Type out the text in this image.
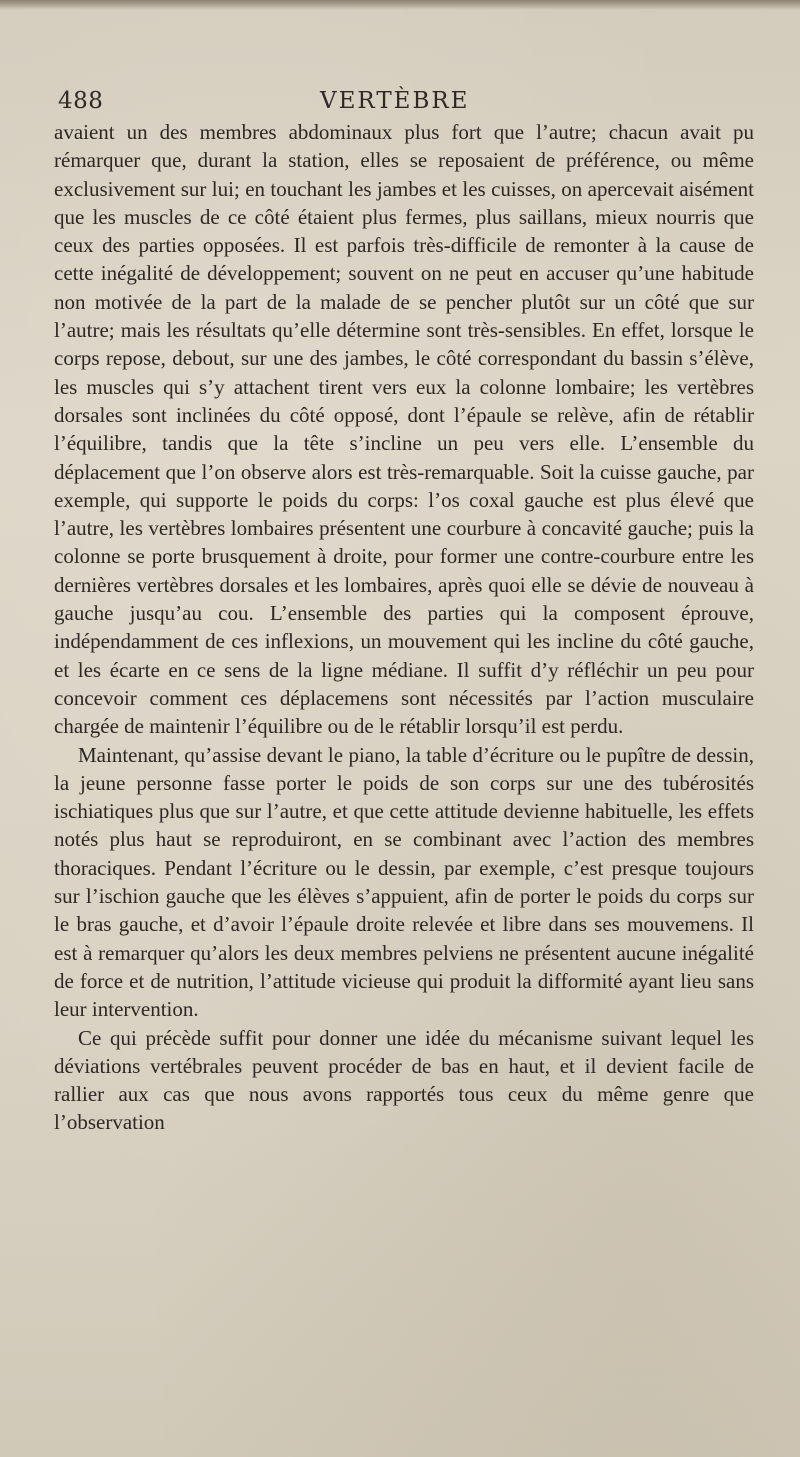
488	VERTÈBRE

avaient un des membres abdominaux plus fort que l’autre; chacun avait pu rémarquer que, durant la station, elles se reposaient de préférence, ou même exclusivement sur lui; en touchant les jambes et les cuisses, on apercevait aisément que les muscles de ce côté étaient plus fermes, plus saillans, mieux nourris que ceux des parties opposées. Il est parfois très-difficile de remonter à la cause de cette inégalité de développement; souvent on ne peut en accuser qu’une habitude non motivée de la part de la malade de se pencher plutôt sur un côté que sur l’autre; mais les résultats qu’elle détermine sont très-sensibles. En effet, lorsque le corps repose, debout, sur une des jambes, le côté correspondant du bassin s’élève, les muscles qui s’y attachent tirent vers eux la colonne lombaire; les vertèbres dorsales sont inclinées du côté opposé, dont l’épaule se relève, afin de rétablir l’équilibre, tandis que la tête s’incline un peu vers elle. L’ensemble du déplacement que l’on observe alors est très-remarquable. Soit la cuisse gauche, par exemple, qui supporte le poids du corps: l’os coxal gauche est plus élevé que l’autre, les vertèbres lombaires présentent une courbure à concavité gauche; puis la colonne se porte brusquement à droite, pour former une contre-courbure entre les dernières vertèbres dorsales et les lombaires, après quoi elle se dévie de nouveau à gauche jusqu’au cou. L’ensemble des parties qui la composent éprouve, indépendamment de ces inflexions, un mouvement qui les incline du côté gauche, et les écarte en ce sens de la ligne médiane. Il suffit d’y réfléchir un peu pour concevoir comment ces déplacemens sont nécessités par l’action musculaire chargée de maintenir l’équilibre ou de le rétablir lorsqu’il est perdu.

Maintenant, qu’assise devant le piano, la table d’écriture ou le pupître de dessin, la jeune personne fasse porter le poids de son corps sur une des tubérosités ischiatiques plus que sur l’autre, et que cette attitude devienne habituelle, les effets notés plus haut se reproduiront, en se combinant avec l’action des membres thoraciques. Pendant l’écriture ou le dessin, par exemple, c’est presque toujours sur l’ischion gauche que les élèves s’appuient, afin de porter le poids du corps sur le bras gauche, et d’avoir l’épaule droite relevée et libre dans ses mouvemens. Il est à remarquer qu’alors les deux membres pelviens ne présentent aucune inégalité de force et de nutrition, l’attitude vicieuse qui produit la difformité ayant lieu sans leur intervention.

Ce qui précède suffit pour donner une idée du mécanisme suivant lequel les déviations vertébrales peuvent procéder de bas en haut, et il devient facile de rallier aux cas que nous avons rapportés tous ceux du même genre que l’observation
